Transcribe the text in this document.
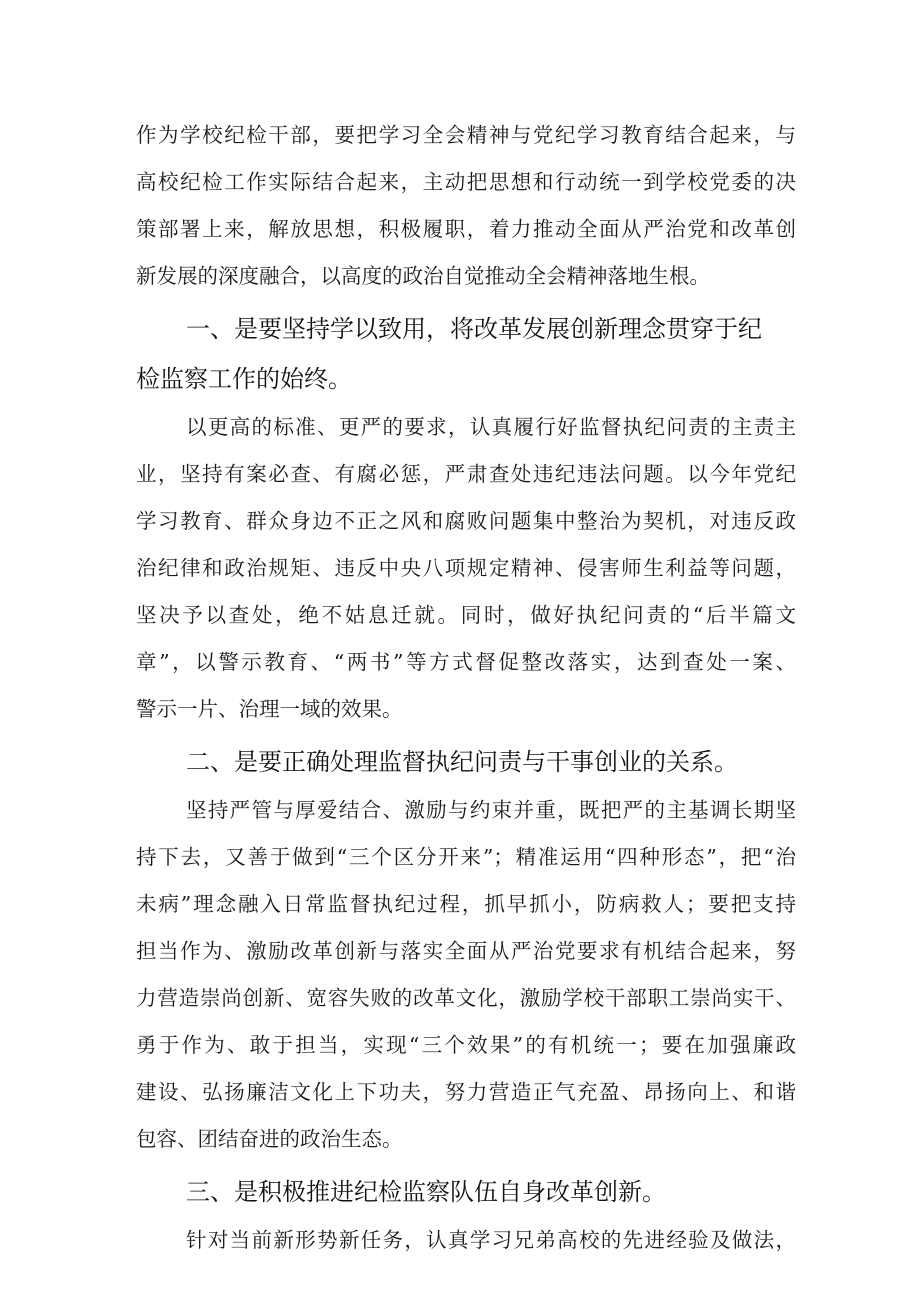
作为学校纪检干部，要把学习全会精神与党纪学习教育结合起来，与
高校纪检工作实际结合起来，主动把思想和行动统一到学校党委的决
策部署上来，解放思想，积极履职，着力推动全面从严治党和改革创
新发展的深度融合，以高度的政治自觉推动全会精神落地生根。
一、是要坚持学以致用，将改革发展创新理念贯穿于纪
检监察工作的始终。
以更高的标准、更严的要求，认真履行好监督执纪问责的主责主
业，坚持有案必查、有腐必惩，严肃查处违纪违法问题。以今年党纪
学习教育、群众身边不正之风和腐败问题集中整治为契机，对违反政
治纪律和政治规矩、违反中央八项规定精神、侵害师生利益等问题，
坚决予以查处，绝不姑息迁就。同时，做好执纪问责的“后半篇文
章”，以警示教育、“两书”等方式督促整改落实，达到查处一案、
警示一片、治理一域的效果。
二、是要正确处理监督执纪问责与干事创业的关系。
坚持严管与厚爱结合、激励与约束并重，既把严的主基调长期坚
持下去，又善于做到“三个区分开来”；精准运用“四种形态”，把“治
未病”理念融入日常监督执纪过程，抓早抓小，防病救人；要把支持
担当作为、激励改革创新与落实全面从严治党要求有机结合起来，努
力营造崇尚创新、宽容失败的改革文化，激励学校干部职工崇尚实干、
勇于作为、敢于担当，实现“三个效果”的有机统一；要在加强廉政
建设、弘扬廉洁文化上下功夫，努力营造正气充盈、昂扬向上、和谐
包容、团结奋进的政治生态。
三、是积极推进纪检监察队伍自身改革创新。
针对当前新形势新任务，认真学习兄弟高校的先进经验及做法，
